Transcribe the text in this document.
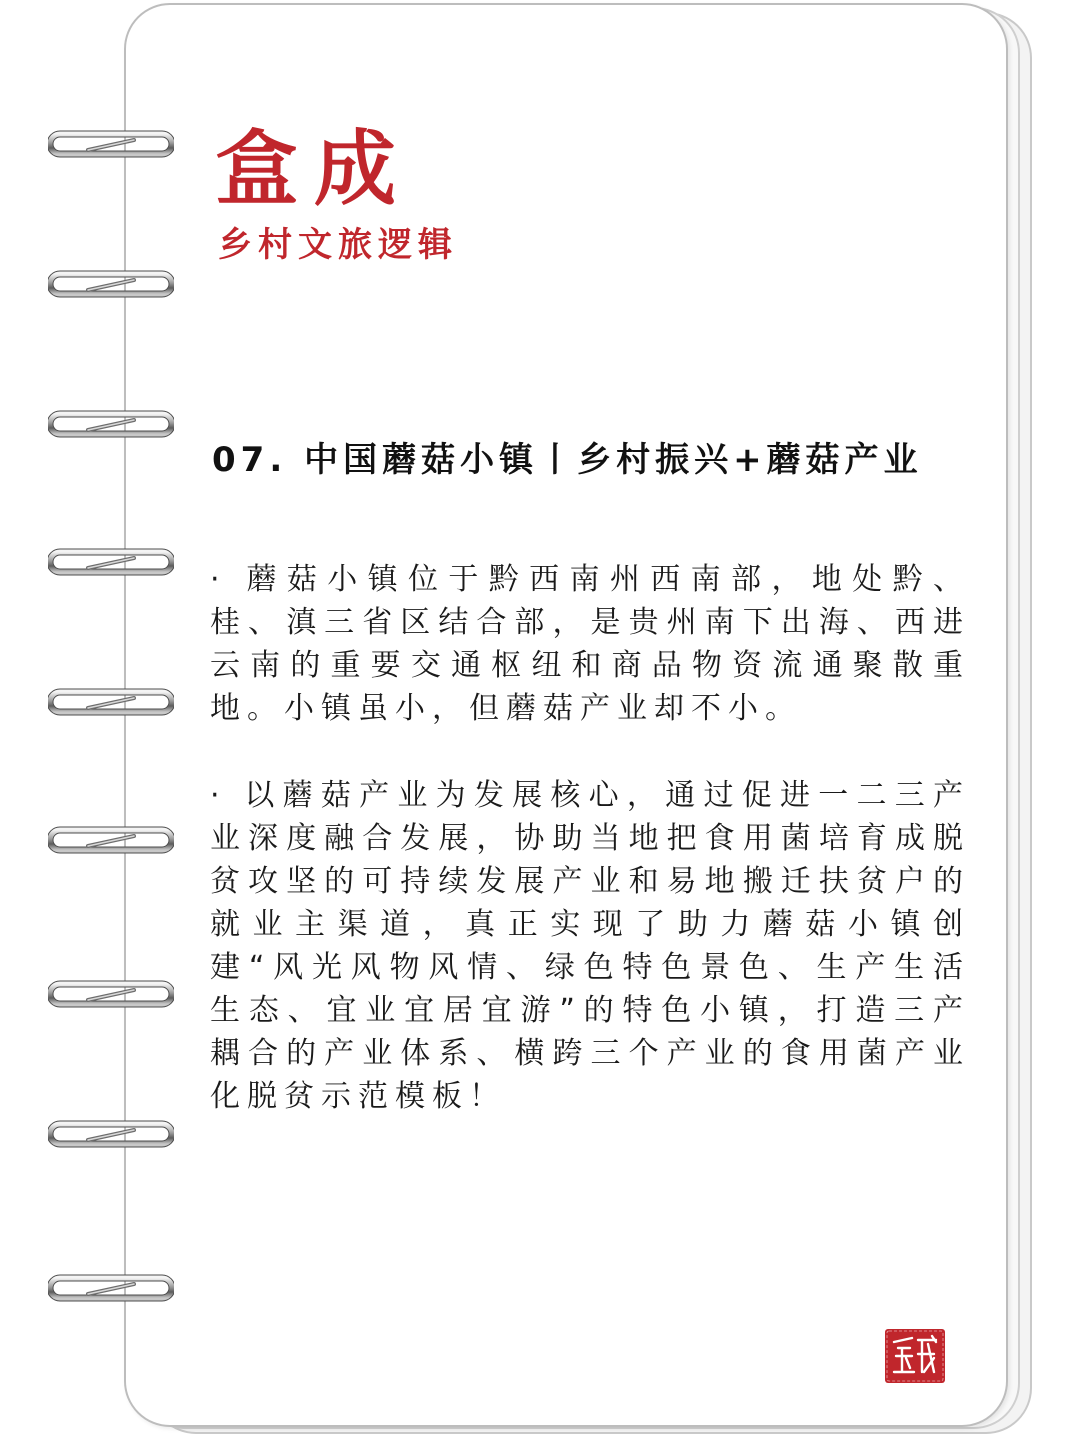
盒成
乡村文旅逻辑
07. 中国蘑菇小镇丨乡村振兴+蘑菇产业

· 蘑菇小镇位于黔西南州西南部，地处黔、桂、滇三省区结合部，是贵州南下出海、西进云南的重要交通枢纽和商品物资流通聚散重地。小镇虽小，但蘑菇产业却不小。

· 以蘑菇产业为发展核心，通过促进一二三产业深度融合发展，协助当地把食用菌培育成脱贫攻坚的可持续发展产业和易地搬迁扶贫户的就业主渠道，真正实现了助力蘑菇小镇创建“风光风物风情、绿色特色景色、生产生活生态、宜业宜居宜游”的特色小镇，打造三产耦合的产业体系、横跨三个产业的食用菌产业化脱贫示范模板！
